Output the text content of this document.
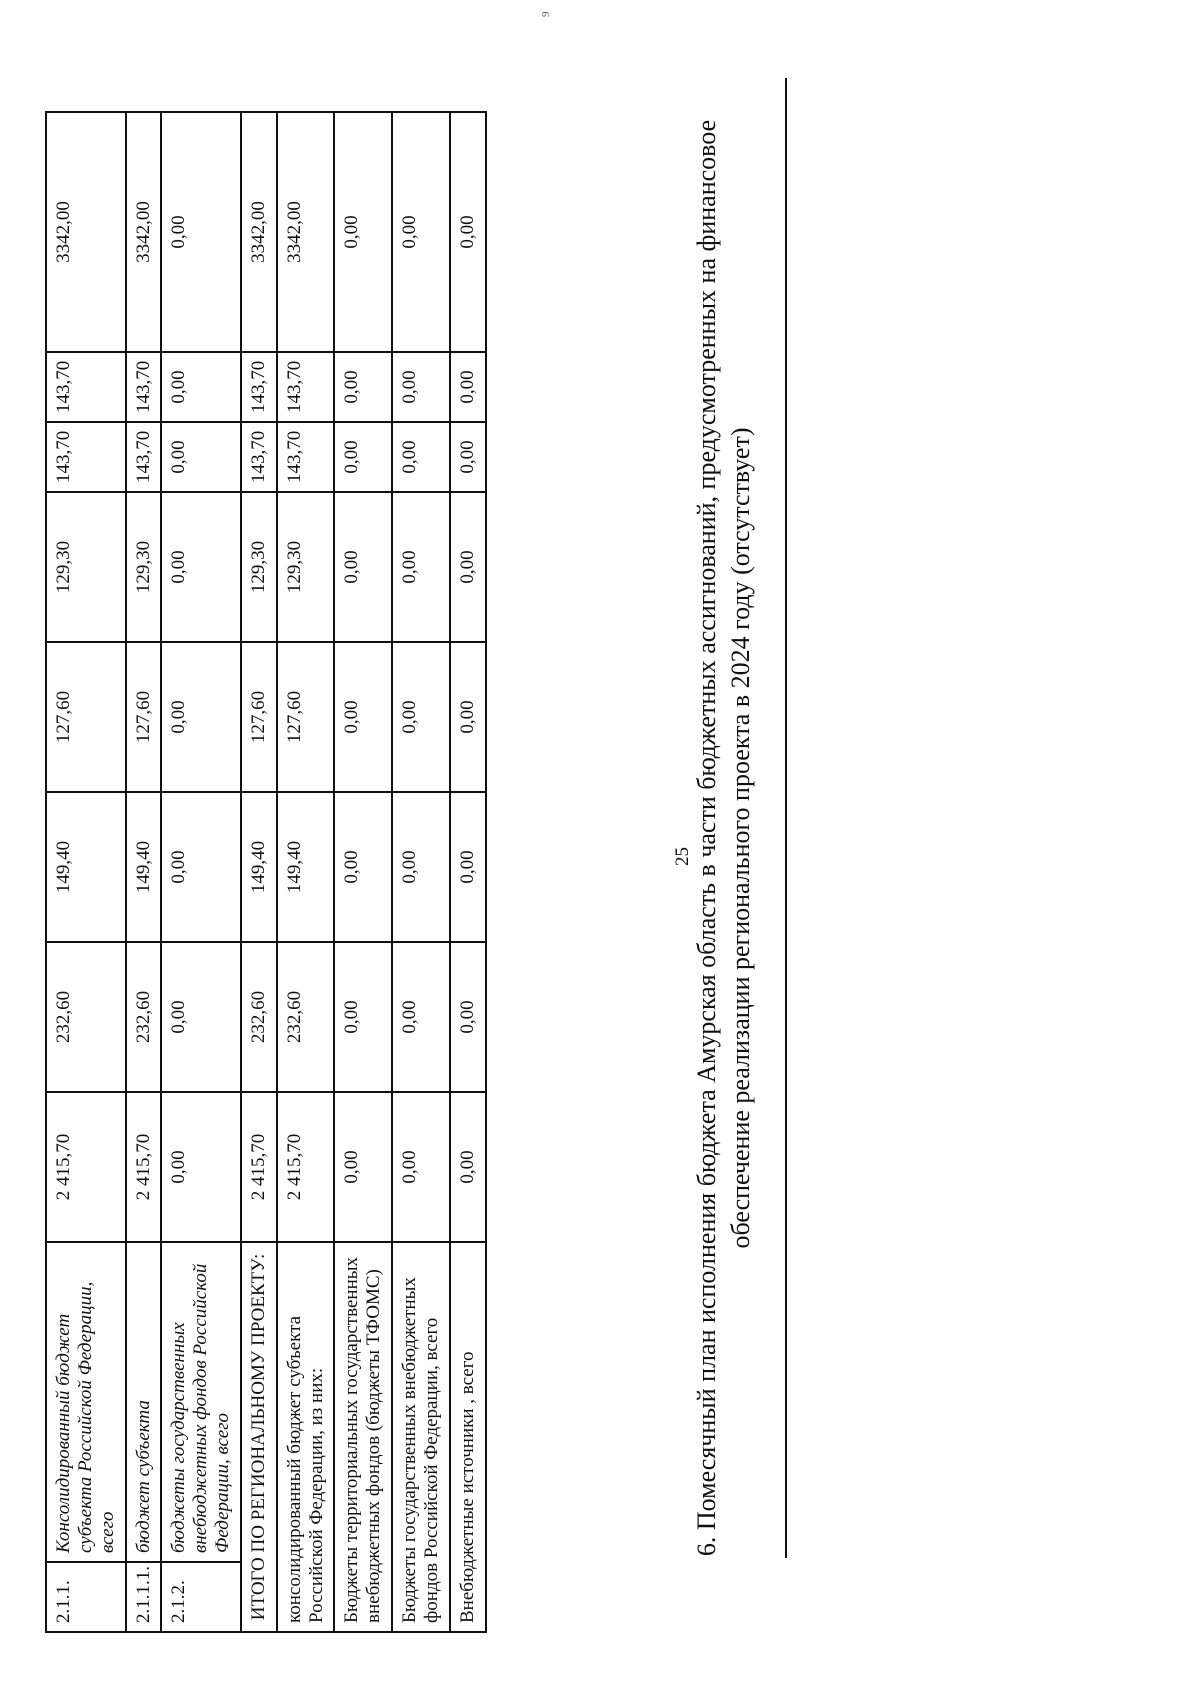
9
2.1.1.	Консолидированный бюджет субъекта Российской Федерации, всего	2 415,70	232,60	149,40	127,60	129,30	143,70	143,70	3342,00
2.1.1.1.	бюджет субъекта	2 415,70	232,60	149,40	127,60	129,30	143,70	143,70	3342,00
2.1.2.	бюджеты государственных внебюджетных фондов Российской Федерации, всего	0,00	0,00	0,00	0,00	0,00	0,00	0,00	0,00
ИТОГО ПО РЕГИОНАЛЬНОМУ ПРОЕКТУ:		2 415,70	232,60	149,40	127,60	129,30	143,70	143,70	3342,00
консолидированный бюджет субъекта Российской Федерации, из них:		2 415,70	232,60	149,40	127,60	129,30	143,70	143,70	3342,00
Бюджеты территориальных государственных внебюджетных фондов (бюджеты ТФОМС)		0,00	0,00	0,00	0,00	0,00	0,00	0,00	0,00
Бюджеты государственных внебюджетных фондов Российской Федерации, всего		0,00	0,00	0,00	0,00	0,00	0,00	0,00	0,00
Внебюджетные источники , всего		0,00	0,00	0,00	0,00	0,00	0,00	0,00	0,00
25 6. Помесячный план исполнения бюджета Амурская область в части бюджетных ассигнований, предусмотренных на финансовое обеспечение реализации регионального проекта в 2024 году (отсутствует)
